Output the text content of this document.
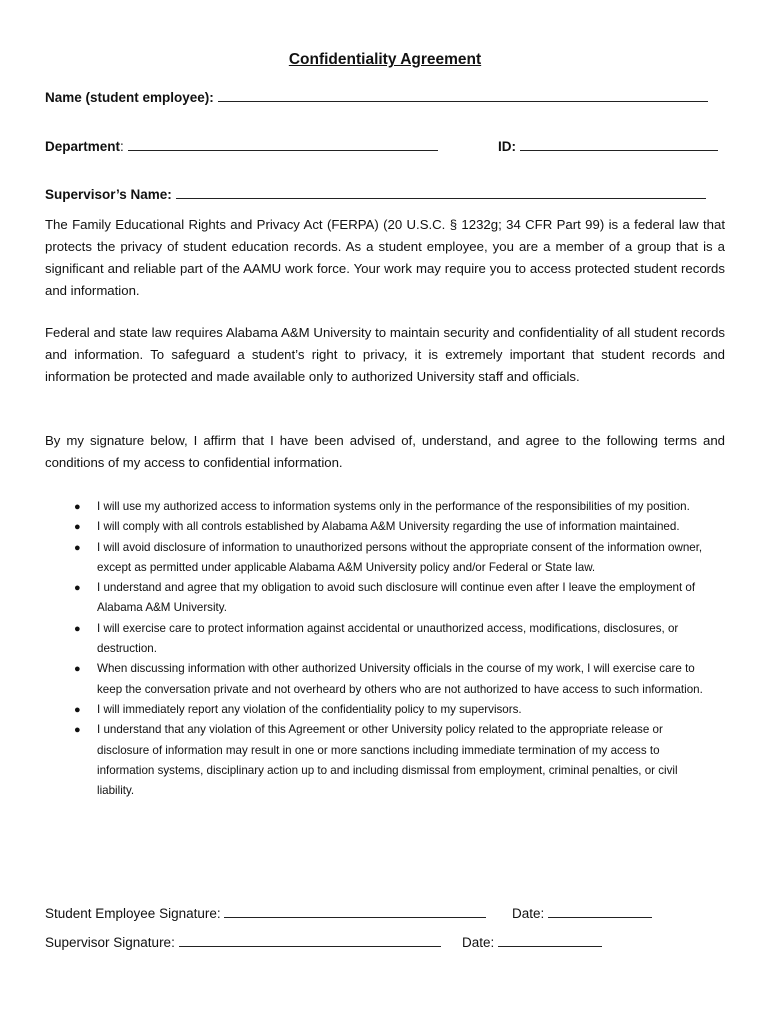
Confidentiality Agreement
Name (student employee):
Department:	ID:
Supervisor’s Name:
The Family Educational Rights and Privacy Act (FERPA) (20 U.S.C. § 1232g; 34 CFR Part 99) is a federal law that protects the privacy of student education records. As a student employee, you are a member of a group that is a significant and reliable part of the AAMU work force. Your work may require you to access protected student records and information.
Federal and state law requires Alabama A&M University to maintain security and confidentiality of all student records and information. To safeguard a student’s right to privacy, it is extremely important that student records and information be protected and made available only to authorized University staff and officials.
By my signature below, I affirm that I have been advised of, understand, and agree to the following terms and conditions of my access to confidential information.
● I will use my authorized access to information systems only in the performance of the responsibilities of my position.
● I will comply with all controls established by Alabama A&M University regarding the use of information maintained.
● I will avoid disclosure of information to unauthorized persons without the appropriate consent of the information owner, except as permitted under applicable Alabama A&M University policy and/or Federal or State law.
● I understand and agree that my obligation to avoid such disclosure will continue even after I leave the employment of Alabama A&M University.
● I will exercise care to protect information against accidental or unauthorized access, modifications, disclosures, or destruction.
● When discussing information with other authorized University officials in the course of my work, I will exercise care to keep the conversation private and not overheard by others who are not authorized to have access to such information.
● I will immediately report any violation of the confidentiality policy to my supervisors.
● I understand that any violation of this Agreement or other University policy related to the appropriate release or disclosure of information may result in one or more sanctions including immediate termination of my access to information systems, disciplinary action up to and including dismissal from employment, criminal penalties, or civil liability.
Student Employee Signature:	Date:
Supervisor Signature:	Date:
